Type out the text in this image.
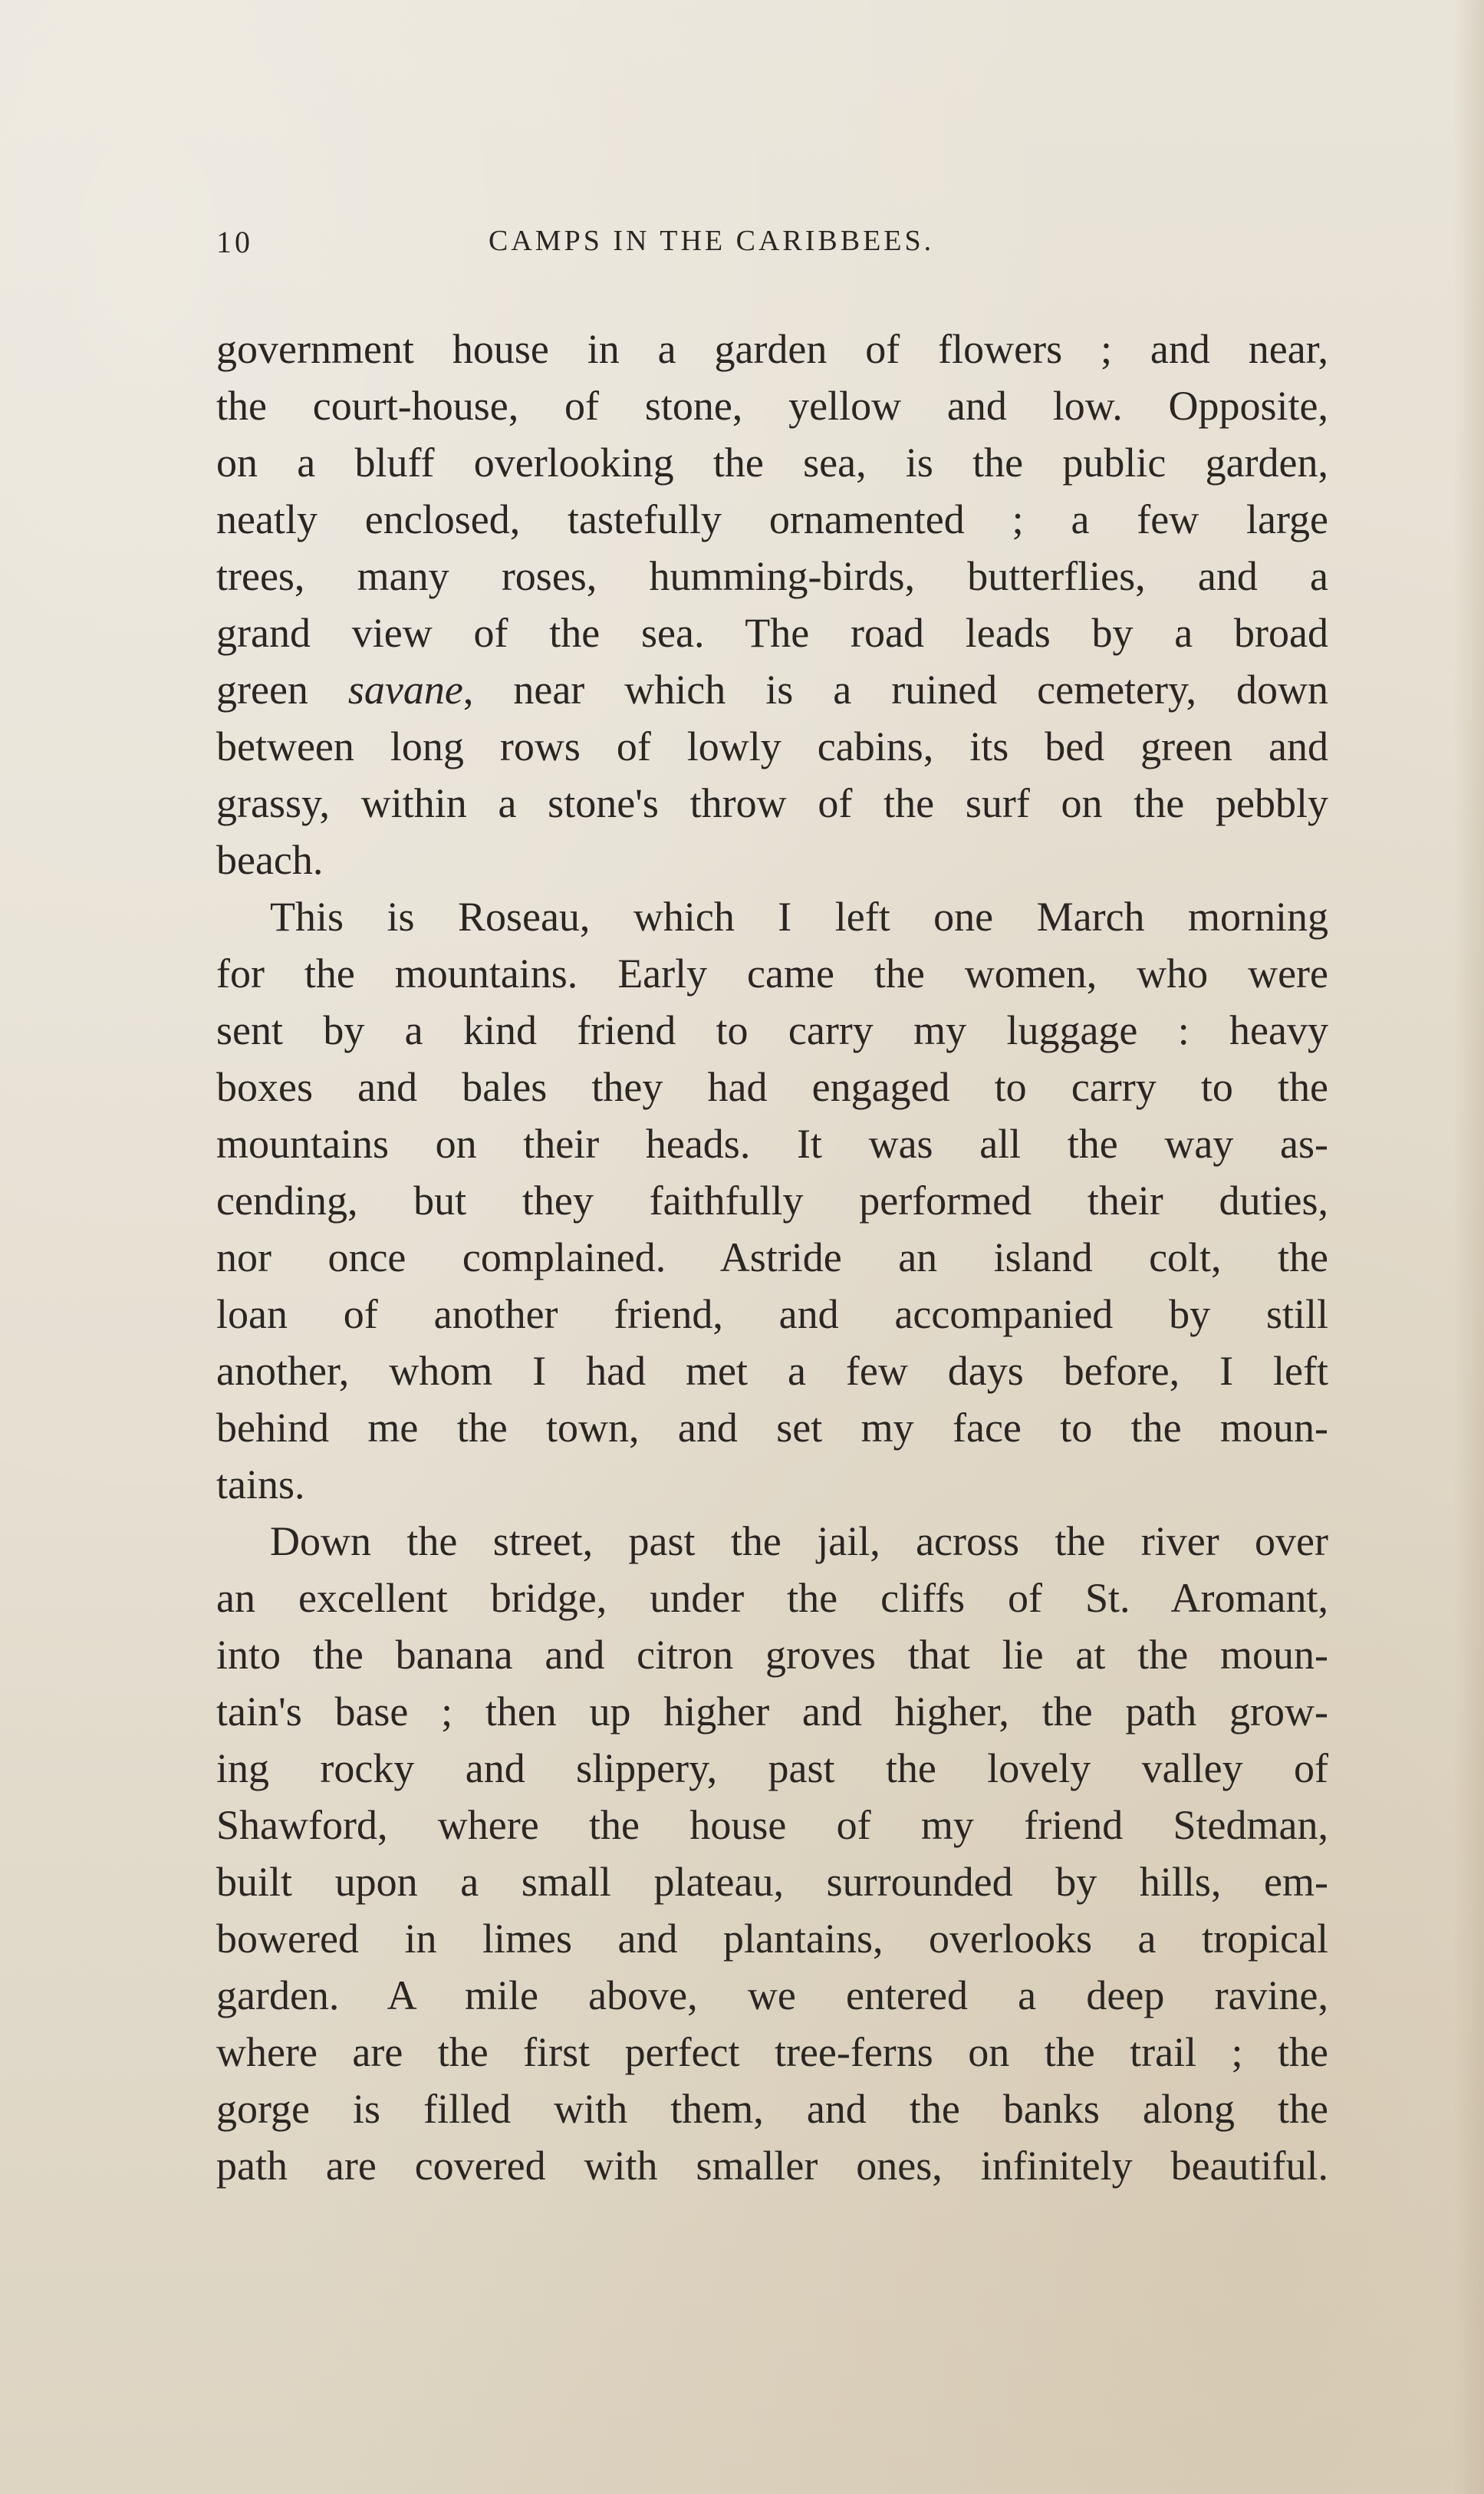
10	CAMPS IN THE CARIBBEES.
government house in a garden of flowers ; and near,
the court-house, of stone, yellow and low. Opposite,
on a bluff overlooking the sea, is the public garden,
neatly enclosed, tastefully ornamented ; a few large
trees, many roses, humming-birds, butterflies, and a
grand view of the sea. The road leads by a broad
green savane, near which is a ruined cemetery, down
between long rows of lowly cabins, its bed green and
grassy, within a stone's throw of the surf on the pebbly
beach.
This is Roseau, which I left one March morning
for the mountains. Early came the women, who were
sent by a kind friend to carry my luggage : heavy
boxes and bales they had engaged to carry to the
mountains on their heads. It was all the way as-
cending, but they faithfully performed their duties,
nor once complained. Astride an island colt, the
loan of another friend, and accompanied by still
another, whom I had met a few days before, I left
behind me the town, and set my face to the moun-
tains.
Down the street, past the jail, across the river over
an excellent bridge, under the cliffs of St. Aromant,
into the banana and citron groves that lie at the moun-
tain's base ; then up higher and higher, the path grow-
ing rocky and slippery, past the lovely valley of
Shawford, where the house of my friend Stedman,
built upon a small plateau, surrounded by hills, em-
bowered in limes and plantains, overlooks a tropical
garden. A mile above, we entered a deep ravine,
where are the first perfect tree-ferns on the trail ; the
gorge is filled with them, and the banks along the
path are covered with smaller ones, infinitely beautiful.
